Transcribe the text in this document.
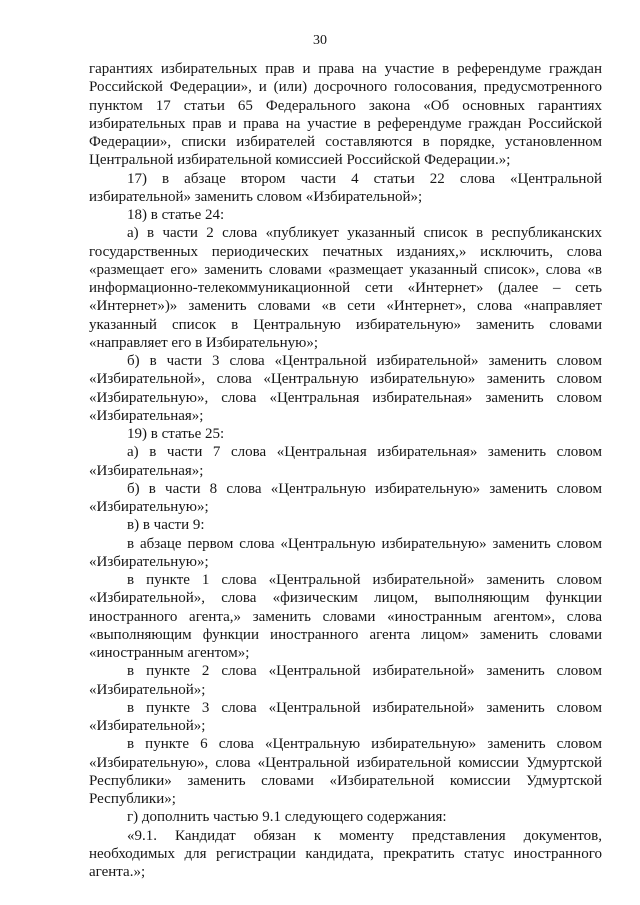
30

гарантиях избирательных прав и права на участие в референдуме граждан Российской Федерации», и (или) досрочного голосования, предусмотренного пунктом 17 статьи 65 Федерального закона «Об основных гарантиях избирательных прав и права на участие в референдуме граждан Российской Федерации», списки избирателей составляются в порядке, установленном Центральной избирательной комиссией Российской Федерации.»;

17) в абзаце втором части 4 статьи 22 слова «Центральной избирательной» заменить словом «Избирательной»;

18) в статье 24:

а) в части 2 слова «публикует указанный список в республиканских государственных периодических печатных изданиях,» исключить, слова «размещает его» заменить словами «размещает указанный список», слова «в информационно-телекоммуникационной сети «Интернет» (далее – сеть «Интернет»)» заменить словами «в сети «Интернет», слова «направляет указанный список в Центральную избирательную» заменить словами «направляет его в Избирательную»;

б) в части 3 слова «Центральной избирательной» заменить словом «Избирательной», слова «Центральную избирательную» заменить словом «Избирательную», слова «Центральная избирательная» заменить словом «Избирательная»;

19) в статье 25:

а) в части 7 слова «Центральная избирательная» заменить словом «Избирательная»;

б) в части 8 слова «Центральную избирательную» заменить словом «Избирательную»;

в) в части 9:

в абзаце первом слова «Центральную избирательную» заменить словом «Избирательную»;

в пункте 1 слова «Центральной избирательной» заменить словом «Избирательной», слова «физическим лицом, выполняющим функции иностранного агента,» заменить словами «иностранным агентом», слова «выполняющим функции иностранного агента лицом» заменить словами «иностранным агентом»;

в пункте 2 слова «Центральной избирательной» заменить словом «Избирательной»;

в пункте 3 слова «Центральной избирательной» заменить словом «Избирательной»;

в пункте 6 слова «Центральную избирательную» заменить словом «Избирательную», слова «Центральной избирательной комиссии Удмуртской Республики» заменить словами «Избирательной комиссии Удмуртской Республики»;

г) дополнить частью 9.1 следующего содержания:

«9.1. Кандидат обязан к моменту представления документов, необходимых для регистрации кандидата, прекратить статус иностранного агента.»;
